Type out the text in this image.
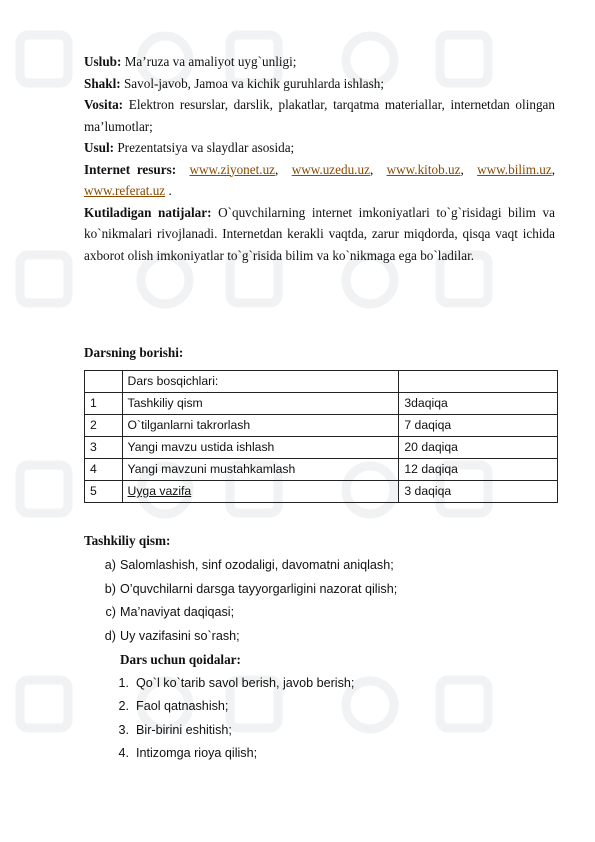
Uslub: Ma’ruza va amaliyot uyg`unligi;

Shakl: Savol-javob, Jamoa va kichik guruhlarda ishlash;

Vosita: Elektron resurslar, darslik, plakatlar, tarqatma materiallar, internetdan olingan ma’lumotlar;

Usul: Prezentatsiya va slaydlar asosida;

Internet resurs: www.ziyonet.uz,  www.uzedu.uz,  www.kitob.uz,  www.bilim.uz, www.referat.uz .

Kutiladigan natijalar: O`quvchilarning internet imkoniyatlari to`g`risidagi bilim va ko`nikmalari rivojlanadi. Internetdan kerakli vaqtda, zarur miqdorda, qisqa vaqt ichida axborot olish imkoniyatlar to`g`risida bilim va ko`nikmaga ega bo`ladilar.

Darsning borishi:
	Dars bosqichlari:	
1	Tashkiliy qism	3daqiqa
2	O`tilganlarni takrorlash	7 daqiqa
3	Yangi mavzu ustida ishlash	20 daqiqa
4	Yangi mavzuni mustahkamlash	12 daqiqa
5	Uyga vazifa	3 daqiqa
Tashkiliy qism:
a) Salomlashish, sinf ozodaligi, davomatni aniqlash;
b) O’quvchilarni darsga tayyorgarligini nazorat qilish;
c) Ma’naviyat daqiqasi;
d) Uy vazifasini so`rash;
Dars uchun qoidalar:
1. Qo`l ko`tarib savol berish, javob berish;
2. Faol qatnashish;
3. Bir-birini eshitish;
4. Intizomga rioya qilish;
